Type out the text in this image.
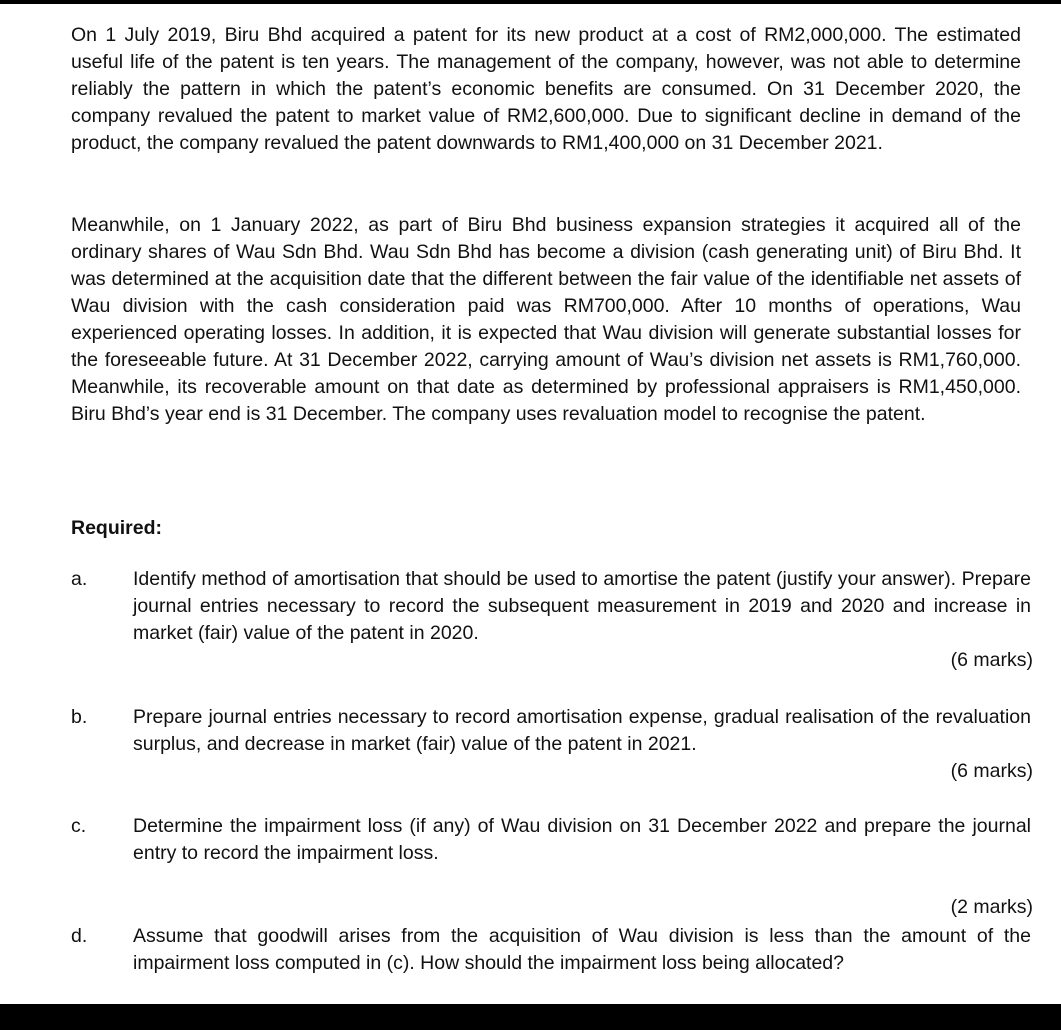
On 1 July 2019, Biru Bhd acquired a patent for its new product at a cost of RM2,000,000. The estimated useful life of the patent is ten years. The management of the company, however, was not able to determine reliably the pattern in which the patent’s economic benefits are consumed. On 31 December 2020, the company revalued the patent to market value of RM2,600,000. Due to significant decline in demand of the product, the company revalued the patent downwards to RM1,400,000 on 31 December 2021.

Meanwhile, on 1 January 2022, as part of Biru Bhd business expansion strategies it acquired all of the ordinary shares of Wau Sdn Bhd. Wau Sdn Bhd has become a division (cash generating unit) of Biru Bhd. It was determined at the acquisition date that the different between the fair value of the identifiable net assets of Wau division with the cash consideration paid was RM700,000. After 10 months of operations, Wau experienced operating losses. In addition, it is expected that Wau division will generate substantial losses for the foreseeable future. At 31 December 2022, carrying amount of Wau’s division net assets is RM1,760,000. Meanwhile, its recoverable amount on that date as determined by professional appraisers is RM1,450,000. Biru Bhd’s year end is 31 December. The company uses revaluation model to recognise the patent.

Required:

a. Identify method of amortisation that should be used to amortise the patent (justify your answer). Prepare journal entries necessary to record the subsequent measurement in 2019 and 2020 and increase in market (fair) value of the patent in 2020.

(6 marks)
b. Prepare journal entries necessary to record amortisation expense, gradual realisation of the revaluation surplus, and decrease in market (fair) value of the patent in 2021.

(6 marks)
c. Determine the impairment loss (if any) of Wau division on 31 December 2022 and prepare the journal entry to record the impairment loss.

(2 marks)
d. Assume that goodwill arises from the acquisition of Wau division is less than the amount of the impairment loss computed in (c). How should the impairment loss being allocated?
